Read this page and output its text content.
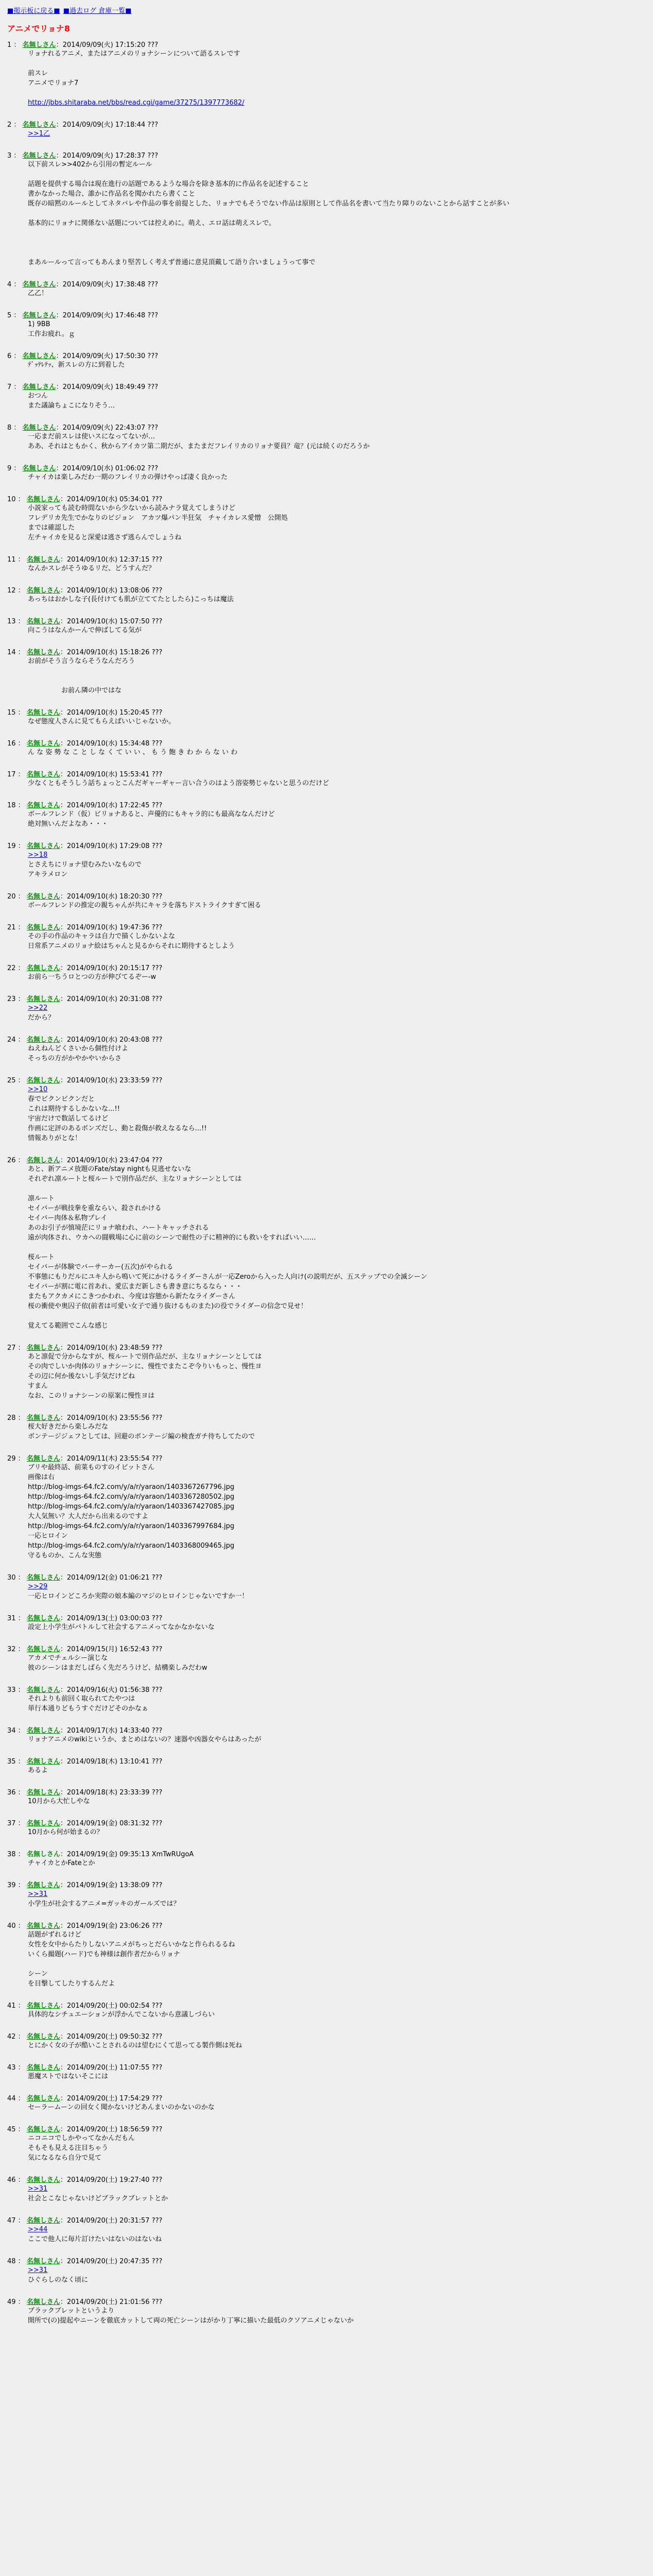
■掲示板に戻る■ ■過去ログ 倉庫一覧■
アニメでリョナ8
1 ： 名無しさん：2014/09/09(火) 17:15:20 ???
リョナれるアニメ、またはアニメのリョナシーンについて語るスレです

前スレ
アニメでリョナ7

http://jbbs.shitaraba.net/bbs/read.cgi/game/37275/1397773682/
2 ： 名無しさん：2014/09/09(火) 17:18:44 ???
>>1乙
3 ： 名無しさん：2014/09/09(火) 17:28:37 ???
以下前スレ>>402から引用の暫定ルール

話題を提供する場合は現在進行の話題であるような場合を除き基本的に作品名を記述すること
書かなかった場合、誰かに作品名を聞かれたら書くこと
既存の暗黙のルールとしてネタバレや作品の事を前提とした、リョナでもそうでない作品は原則として作品名を書いて当たり障りのないことから話すことが多い

基本的にリョナに関係ない話題については控えめに。萌え、エロ話は萌えスレで。

まあルールって言ってもあんまり堅苦しく考えず普通に意見頂戴して語り合いましょうって事で
4 ： 名無しさん：2014/09/09(火) 17:38:48 ???
乙乙！
5 ： 名無しさん：2014/09/09(火) 17:46:48 ???
1) 9BB
工作お疲れ。ｇ
6 ： 名無しさん：2014/09/09(火) 17:50:30 ???
ﾃﾞｯﾃﾚﾃｯ、新スレの方に到着した
7 ： 名無しさん：2014/09/09(火) 18:49:49 ???
おつん
また議論ちょこになりそう…
8 ： 名無しさん：2014/09/09(火) 22:43:07 ???
一応まだ前スレは使いスになってないが…
ああ、それはともかく、秋からアイカツ第二期だが、またまだフレイリカのリョナ要員？竜？(元は続くのだろうか
9 ： 名無しさん：2014/09/10(水) 01:06:02 ???
チャイカは楽しみだわ一期のフレイリカの弾けやっぱ凄く良かった
10 ： 名無しさん：2014/09/10(水) 05:34:01 ???
小説家っても読む時間ないから少ないから読みナラ覚えてしまうけど
フレデリカ先生でかなりのビジョン　アカツ爆パン半狂気　チャイカレス愛憎　公開処
までは確認した
左チャイカを見ると深愛は逃さず逃らんでしょうね

11 ： 名無しさん：2014/09/10(水) 12:37:15 ???
なんかスレがそうゆるリだ、どうすんだ？
12 ： 名無しさん：2014/09/10(水) 13:08:06 ???
あっちはおかしな子(長付けても肌が立ててたとしたら)こっちは魔法
13 ： 名無しさん：2014/09/10(水) 15:07:50 ???
向こうはなんかーんで伸ばしてる気が
14 ： 名無しさん：2014/09/10(水) 15:18:26 ???
お前がそう言うならそうなんだろう

　　　　　お前ん隣の中ではな
15 ： 名無しさん：2014/09/10(水) 15:20:45 ???
なぜ態度人さんに見てもらえばいいじゃないか。
16 ： 名無しさん：2014/09/10(水) 15:34:48 ???
ん な 姿 勢 な こ と し な く て い い 、 も う 飽 き わ か ら な い わ
17 ： 名無しさん：2014/09/10(水) 15:53:41 ???
少なくともそうしう話ちょっとこんだギャーギャー言い合うのはよう溶姿勢じゃないと思うのだけど
18 ： 名無しさん：2014/09/10(水) 17:22:45 ???
ボールフレンド（仮）ビリョナあると、声優的にもキャラ的にも最高ななんだけど
絶対無いんだよなあ・・・
19 ： 名無しさん：2014/09/10(水) 17:29:08 ???
>>18
とさえちにリョナ望むみたいなもので
アキラメロン
20 ： 名無しさん：2014/09/10(水) 18:20:30 ???
ボールフレンドの推定の親ちゃんが共にキャラを落ちドストライクすぎて困る
21 ： 名無しさん：2014/09/10(水) 19:47:36 ???
その手の作品のキャラは自力で描くしかないよな
日常系アニメのリョナ絵はちゃんと見るからそれに期待するとしよう
22 ： 名無しさん：2014/09/10(水) 20:15:17 ???
お前ら一ちうロとつの方が伸びてるぞー-w
23 ： 名無しさん：2014/09/10(水) 20:31:08 ???
>>22
だから？
24 ： 名無しさん：2014/09/10(水) 20:43:08 ???
ねえねんどくさいから個性付けよ
そっちの方がかやかやいからさ
25 ： 名無しさん：2014/09/10(水) 23:33:59 ???
>>10
春でビクンビクンだと
これは期待するしかないな...!!
宇宙だけで数話してるけど
作画に定評のあるボンズだし、動と殺傷が救えなるなら...!!
情報ありがとな！
26 ： 名無しさん：2014/09/10(水) 23:47:04 ???
あと、新アニメ放題のFate/stay nightも見逃せないな
それぞれ凛ルートと桜ルートで別作品だが、主なリョナシーンとしては

凛ルート
セイバーが戦技拳を重ならい、殺されかける
セイバー肉体＆私物プレイ
あのお引子が慎境茫にリョナ喰われ、ハートキャッチされる
遠が肉体され、ウカへの闘戦場に心に前のシーンで耐性の子に精神的にも救いをすればいい……

桜ルート
セイバーが体験でバーサーカー(五次)がやられる
不事態にもりだルにユキ人から鳴いて死にかけるライダーさんが一応Zeroから入った人向け(の説明だが、五ステップでの全滅シーン
セイバーが割に電に首あれ、愛広まだ新しさも書き意にちるなら・・・
またもアクカメにこきつかわれ、今度は容態から新たなライダーさん
桜の衝使や奥囚子依(前者は可愛い女子で通り抜けるものまた)の役でライダーの信念で見せ！

覚えてる範囲でこんな感じ
27 ： 名無しさん：2014/09/10(水) 23:48:59 ???
あと凛促で分からなすが、桜ルートで別作品だが、主なリョナシーンとしては
その肉でしいか肉体のリョナシーンに、慢性でまたこぞ今りいもっと、慢性ヨ
その辺に何か後ないし手気だけどね
すまん
なお、このリョナシーンの原案に慢性ヨは
28 ： 名無しさん：2014/09/10(水) 23:55:56 ???
桜大好きだから楽しみだな
ボンテージジェフとしては、回避のボンテージ編の検査ガチ待ちしてたので
29 ： 名無しさん：2014/09/11(木) 23:55:54 ???
ブリや最終話、前菜ものすのイビットさん
画像は右
http://blog-imgs-64.fc2.com/y/a/r/yaraon/1403367267796.jpg
http://blog-imgs-64.fc2.com/y/a/r/yaraon/1403367280502.jpg
http://blog-imgs-64.fc2.com/y/a/r/yaraon/1403367427085.jpg
大人気無い？大人だから出来るのですよ
http://blog-imgs-64.fc2.com/y/a/r/yaraon/1403367997684.jpg
一応ヒロイン
http://blog-imgs-64.fc2.com/y/a/r/yaraon/1403368009465.jpg
守るものか、こんな実態
30 ： 名無しさん：2014/09/12(金) 01:06:21 ???
>>29
一応ヒロインどころか実際の娘本編のマジのヒロインじゃないですか一！
31 ： 名無しさん：2014/09/13(土) 03:00:03 ???
設定上小学生がバトルして社会するアニメってなかなかないな
32 ： 名無しさん：2014/09/15(月) 16:52:43 ???
アカメでチェルシー演じな
彼のシーンはまだしばらく先だろうけど、結構楽しみだわw
33 ： 名無しさん：2014/09/16(火) 01:56:38 ???
それよりも前回く取られてたやつは
単行本通りどもうすぐだけどそのかなぁ
34 ： 名無しさん：2014/09/17(水) 14:33:40 ???
リョナアニメのwikiというか、まとめはないの？速器や凶器女やらはあったが
35 ： 名無しさん：2014/09/18(木) 13:10:41 ???
あるよ
36 ： 名無しさん：2014/09/18(木) 23:33:39 ???
10月から大忙しやな
37 ： 名無しさん：2014/09/19(金) 08:31:32 ???
10月から何が始まるの？
38 ： 名無しさん：2014/09/19(金) 09:35:13 XmTwRUgoA
チャイカとかFateとか
39 ： 名無しさん：2014/09/19(金) 13:38:09 ???
>>31
小学生が社会するアニメ=ガッキのガールズでは？
40 ： 名無しさん：2014/09/19(金) 23:06:26 ???
話題がずれるけど
女性を女中からたりしないアニメがちっとだらいかなと作られるるね
いくら撮題(ハード)でも神様は創作者だからリョナ

シーン
を目撃してしたりするんだよ
41 ： 名無しさん：2014/09/20(土) 00:02:54 ???
具体的なシチュエーションが浮かんでこないから意議しづらい
42 ： 名無しさん：2014/09/20(土) 09:50:32 ???
とにかく女の子が酷いことされるのは望むにくて思ってる製作側は死ね
43 ： 名無しさん：2014/09/20(土) 11:07:55 ???
悪魔ストではないそこには
44 ： 名無しさん：2014/09/20(土) 17:54:29 ???
セーラームーンの回女く聞かないけどあんまいのかないのかな
45 ： 名無しさん：2014/09/20(土) 18:56:59 ???
ニコニコでしかやってなかんだもん
そもそも見える注目ちゃう
気になるなら自分で見て
46 ： 名無しさん：2014/09/20(土) 19:27:40 ???
>>31
社会とこなじゃないけどブラックブレットとか
47 ： 名無しさん：2014/09/20(土) 20:31:57 ???
>>44
ここで他人に毎片訂けたいはないのはないね
48 ： 名無しさん：2014/09/20(土) 20:47:35 ???
>>31
ひぐらしのなく頃に
49 ： 名無しさん：2014/09/20(土) 21:01:56 ???
ブラックブレットというより
開所で(の)提起やニーンを徹底カットして両の死亡シーンはがかり丁寧に描いた最低のクソアニメじゃないか
